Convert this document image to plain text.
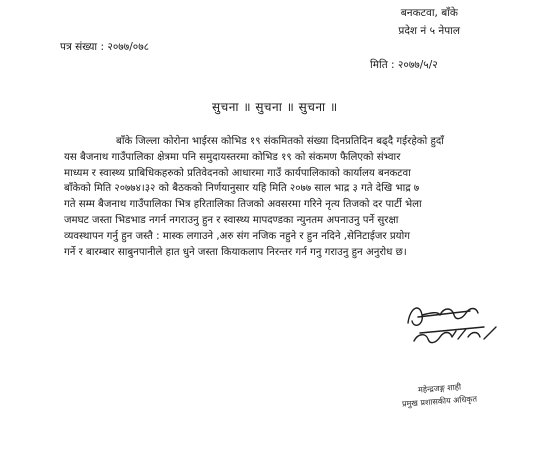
बनकटवा, बाँके
प्रदेश नं ५ नेपाल
पत्र संख्या : २०७७/०७८
मिति : २०७७/५/२
सुचना ॥ सुचना ॥ सुचना ॥
बाँके जिल्ला कोरोना भाईरस कोभिड १९ संकमितको संख्या दिनप्रतिदिन बढ्दै गईरहेको हुदाँ
यस बैजनाथ गाउँपालिका क्षेत्रमा पनि समुदायस्तरमा कोभिड १९ को संकमण फैलिएको संभ्वार
माध्यम र स्वास्थ्य प्राबिधिकहरुको प्रतिवेदनको आधारमा गाउँ कार्यपालिकाको कार्यालय बनकटवा
बाँकेको मिति २०७७४।३२ को बैठकको निर्णयानुसार यहि मिति २०७७ साल भाद्र ३ गते देखि भाद्र ७
गते सम्म बैजनाथ गाउँपालिका भित्र हरितालिका तिजको अवसरमा गरिने नृत्य तिजको दर पार्टी भेला
जमघट जस्ता भिडभाड नगर्न नगराउनु हुन र स्वास्थ्य मापदण्डका न्युनतम अपनाउनु पर्ने सुरक्षा
व्यवस्थापन गर्नु हुन जस्तै : मास्क लगाउने ,अरु संग नजिक नहुने र हुन नदिने ,सेनिटाईजर प्रयोग
गर्ने र बारम्बार साबुनपानीले हात धुने जस्ता कियाकलाप निरन्तर गर्न गनु गराउनु हुन अनुरोध छ।
महेन्द्रजङ्ग शाही
प्रमुख प्रशासकीय अधिकृत
